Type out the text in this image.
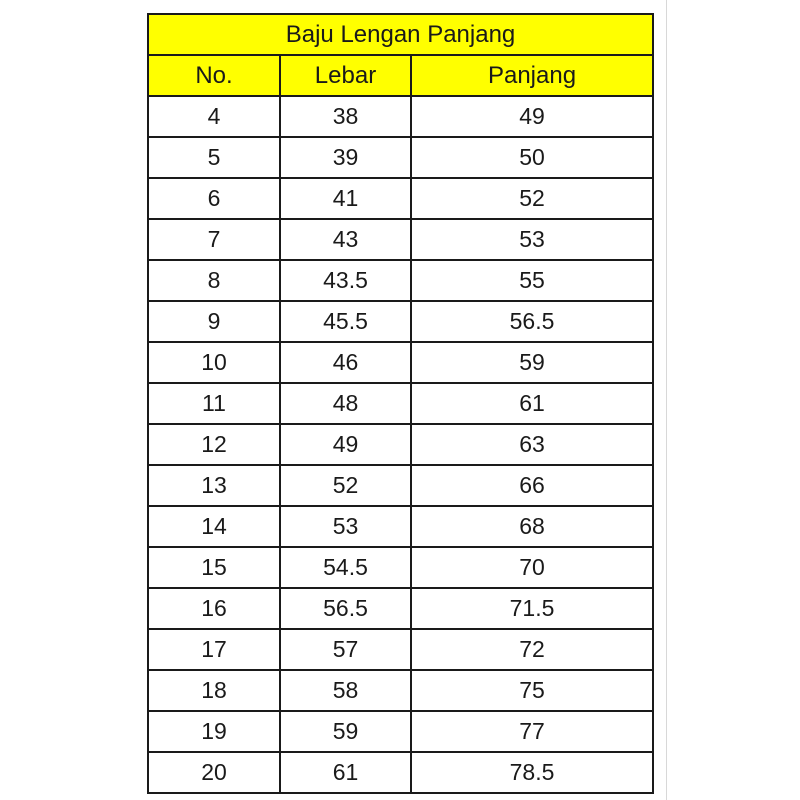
Baju Lengan Panjang		
No.	Lebar	Panjang
4	38	49
5	39	50
6	41	52
7	43	53
8	43.5	55
9	45.5	56.5
10	46	59
11	48	61
12	49	63
13	52	66
14	53	68
15	54.5	70
16	56.5	71.5
17	57	72
18	58	75
19	59	77
20	61	78.5
